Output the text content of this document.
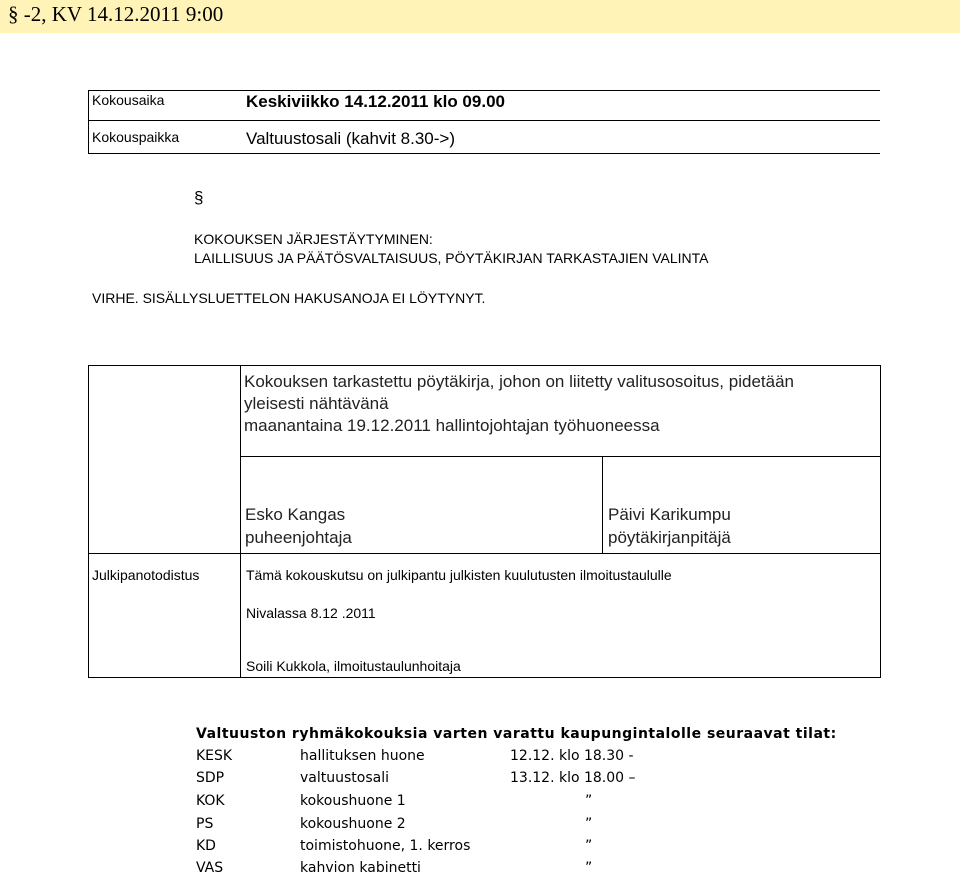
§ -2, KV 14.12.2011 9:00
Kokousaika	Keskiviikko 14.12.2011 klo 09.00
Kokouspaikka	Valtuustosali (kahvit 8.30->)
§
KOKOUKSEN JÄRJESTÄYTYMINEN:
LAILLISUUS JA PÄÄTÖSVALTAISUUS, PÖYTÄKIRJAN TARKASTAJIEN VALINTA
VIRHE. SISÄLLYSLUETTELON HAKUSANOJA EI LÖYTYNYT.
Kokouksen tarkastettu pöytäkirja, johon on liitetty valitusosoitus, pidetään
yleisesti nähtävänä
maanantaina 19.12.2011 hallintojohtajan työhuoneessa
Esko Kangas
puheenjohtaja
Päivi Karikumpu
pöytäkirjanpitäjä
Julkipanotodistus	Tämä kokouskutsu on julkipantu julkisten kuulutusten ilmoitustaululle
Nivalassa 8.12 .2011
Soili Kukkola, ilmoitustaulunhoitaja
Valtuuston ryhmäkokouksia varten varattu kaupungintalolle seuraavat tilat:
KESK	hallituksen huone	12.12. klo 18.30 -
SDP	valtuustosali	13.12. klo 18.00 –
KOK	kokoushuone 1	”
PS	kokoushuone 2	”
KD	toimistohuone, 1. kerros	”
VAS	kahvion kabinetti	”
